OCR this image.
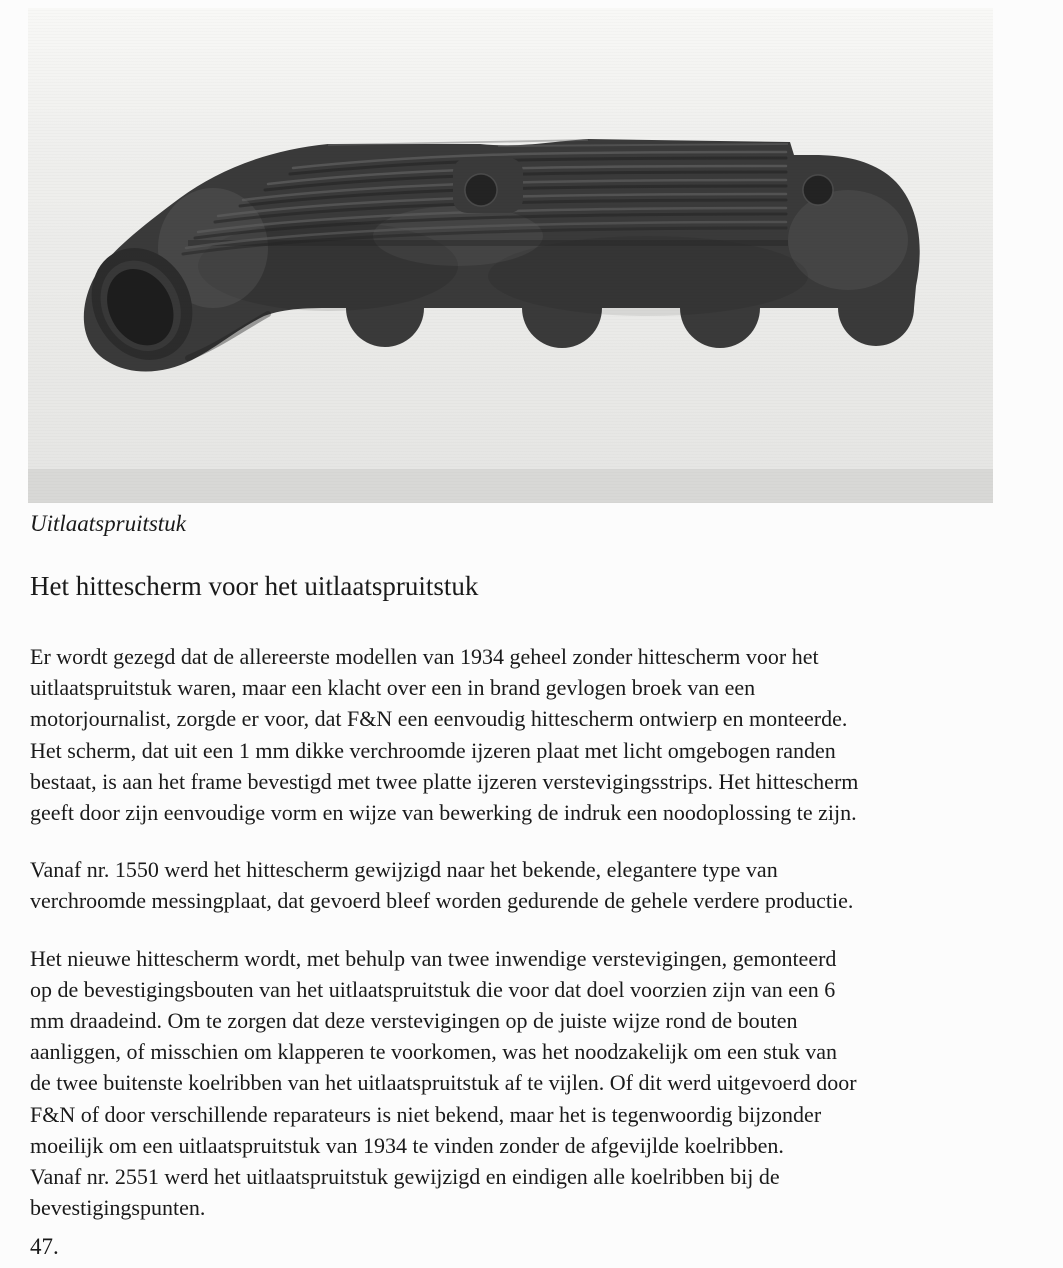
Uitlaatspruitstuk
Het hittescherm voor het uitlaatspruitstuk
Er wordt gezegd dat de allereerste modellen van 1934 geheel zonder hittescherm voor het
uitlaatspruitstuk waren, maar een klacht over een in brand gevlogen broek van een
motorjournalist, zorgde er voor, dat F&N een eenvoudig hittescherm ontwierp en monteerde.
Het scherm, dat uit een 1 mm dikke verchroomde ijzeren plaat met licht omgebogen randen
bestaat, is aan het frame bevestigd met twee platte ijzeren verstevigingsstrips. Het hittescherm
geeft door zijn eenvoudige vorm en wijze van bewerking de indruk een noodoplossing te zijn.
Vanaf nr. 1550 werd het hittescherm gewijzigd naar het bekende, elegantere type van
verchroomde messingplaat, dat gevoerd bleef worden gedurende de gehele verdere productie.
Het nieuwe hittescherm wordt, met behulp van twee inwendige verstevigingen, gemonteerd
op de bevestigingsbouten van het uitlaatspruitstuk die voor dat doel voorzien zijn van een 6
mm draadeind. Om te zorgen dat deze verstevigingen op de juiste wijze rond de bouten
aanliggen, of misschien om klapperen te voorkomen, was het noodzakelijk om een stuk van
de twee buitenste koelribben van het uitlaatspruitstuk af te vijlen. Of dit werd uitgevoerd door
F&N of door verschillende reparateurs is niet bekend, maar het is tegenwoordig bijzonder
moeilijk om een uitlaatspruitstuk van 1934 te vinden zonder de afgevijlde koelribben.
Vanaf nr. 2551 werd het uitlaatspruitstuk gewijzigd en eindigen alle koelribben bij de
bevestigingspunten.
47.
